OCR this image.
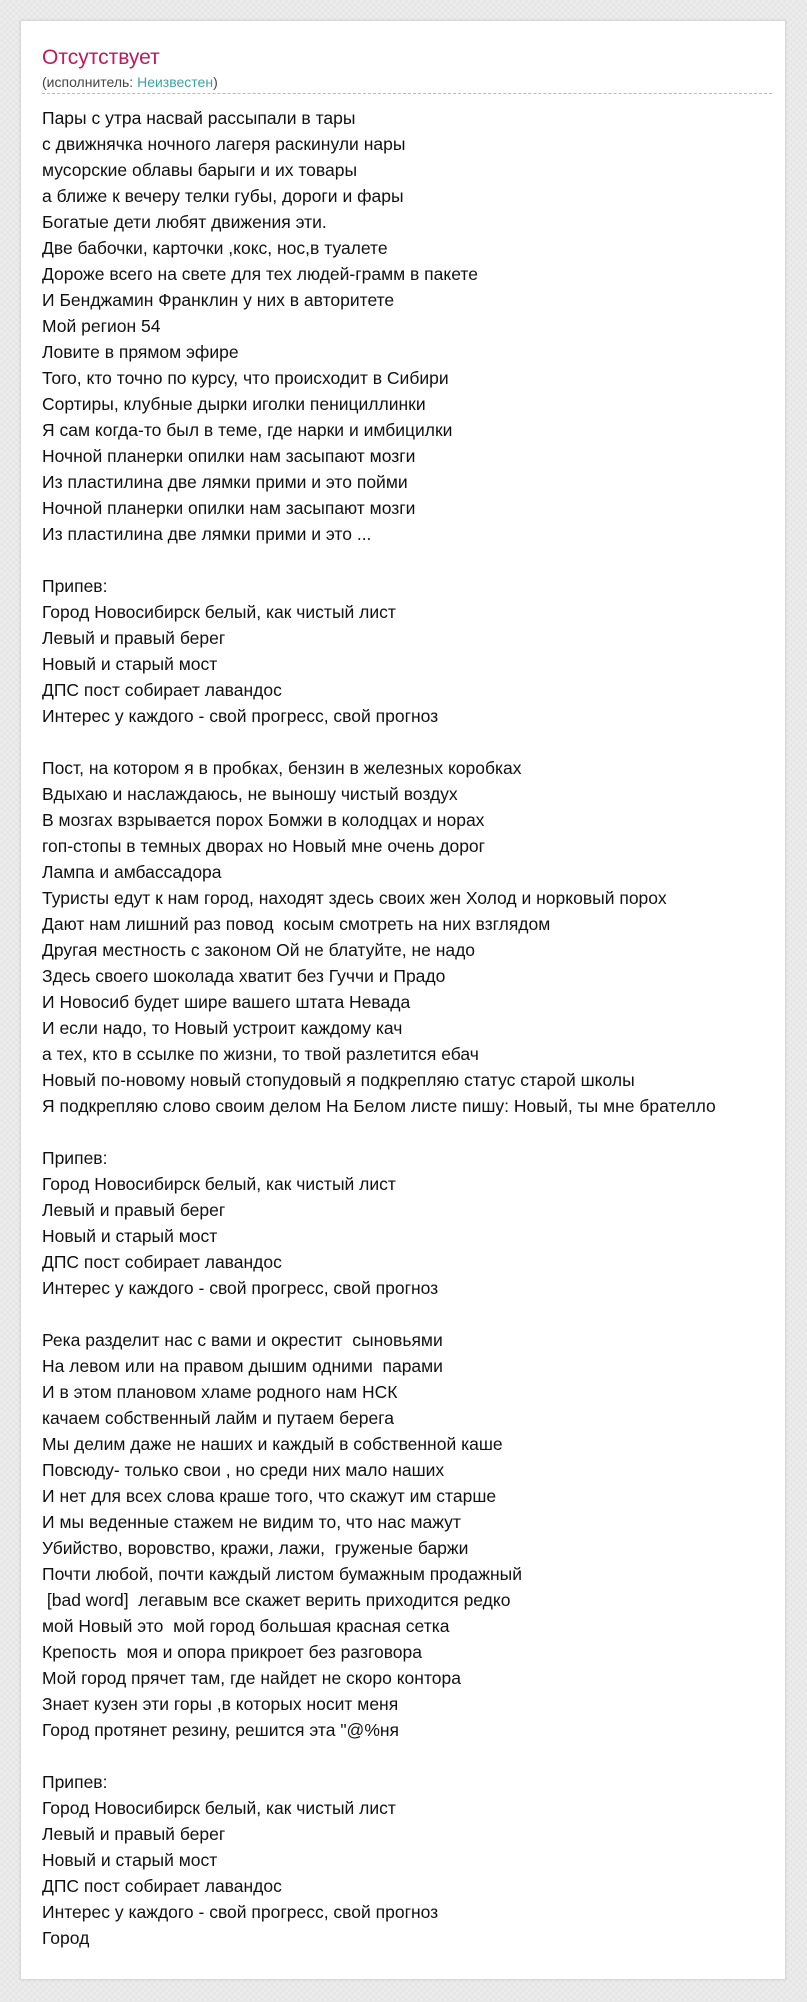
Отсутствует
(исполнитель: Неизвестен)
Пары с утра насвай рассыпали в тары
с движнячка ночного лагеря раскинули нары
мусорские облавы барыги и их товары
а ближе к вечеру телки губы, дороги и фары
Богатые дети любят движения эти.
Две бабочки, карточки ,кокс, нос,в туалете
Дороже всего на свете для тех людей-грамм в пакете
И Бенджамин Франклин у них в авторитете
Мой регион 54
Ловите в прямом эфире
Того, кто точно по курсу, что происходит в Сибири
Сортиры, клубные дырки иголки пенициллинки
Я сам когда-то был в теме, где нарки и имбицилки
Ночной планерки опилки нам засыпают мозги
Из пластилина две лямки прими и это пойми
Ночной планерки опилки нам засыпают мозги
Из пластилина две лямки прими и это ...
Припев:
Город Новосибирск белый, как чистый лист
Левый и правый берег
Новый и старый мост
ДПС пост собирает лавандос
Интерес у каждого - свой прогресс, свой прогноз
Пост, на котором я в пробках, бензин в железных коробках
Вдыхаю и наслаждаюсь, не выношу чистый воздух
В мозгах взрывается порох Бомжи в колодцах и норах
гоп-стопы в темных дворах но Новый мне очень дорог
Лампа и амбассадора
Туристы едут к нам город, находят здесь своих жен Холод и норковый порох
Дают нам лишний раз повод  косым смотреть на них взглядом
Другая местность с законом Ой не блатуйте, не надо
Здесь своего шоколада хватит без Гуччи и Прадо
И Новосиб будет шире вашего штата Невада
И если надо, то Новый устроит каждому кач
а тех, кто в ссылке по жизни, то твой разлетится ебач
Новый по-новому новый стопудовый я подкрепляю статус старой школы
Я подкрепляю слово своим делом На Белом листе пишу: Новый, ты мне брателло
Припев:
Город Новосибирск белый, как чистый лист
Левый и правый берег
Новый и старый мост
ДПС пост собирает лавандос
Интерес у каждого - свой прогресс, свой прогноз
Река разделит нас с вами и окрестит  сыновьями
На левом или на правом дышим одними  парами
И в этом плановом хламе родного нам НСК
качаем собственный лайм и путаем берега
Мы делим даже не наших и каждый в собственной каше
Повсюду- только свои , но среди них мало наших
И нет для всех слова краше того, что скажут им старше
И мы веденные стажем не видим то, что нас мажут
Убийство, воровство, кражи, лажи,  груженые баржи
Почти любой, почти каждый листом бумажным продажный
[bad word]  легавым все скажет верить приходится редко
мой Новый это  мой город большая красная сетка
Крепость  моя и опора прикроет без разговора
Мой город прячет там, где найдет не скоро контора
Знает кузен эти горы ,в которых носит меня
Город протянет резину, решится эта "@%ня
Припев:
Город Новосибирск белый, как чистый лист
Левый и правый берег
Новый и старый мост
ДПС пост собирает лавандос
Интерес у каждого - свой прогресс, свой прогноз
Город
